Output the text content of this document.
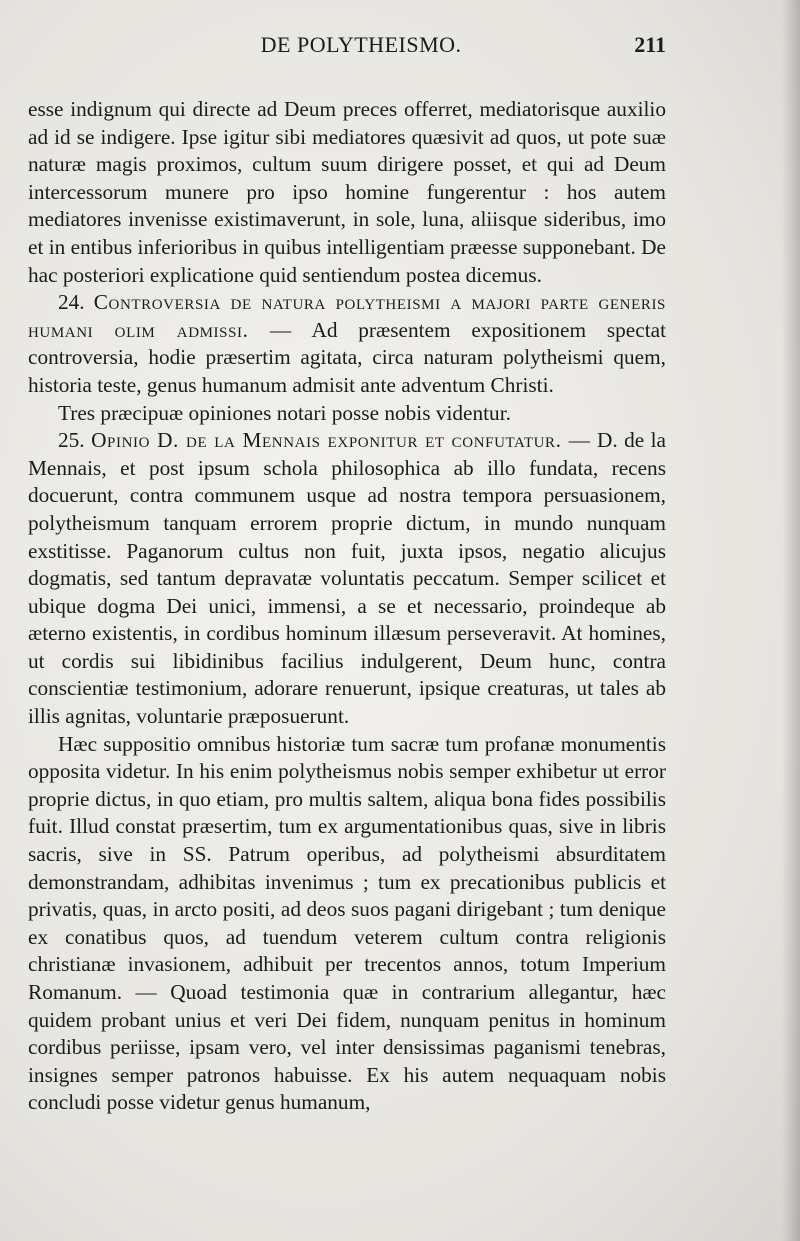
DE POLYTHEISMO.	211

esse indignum qui directe ad Deum preces offerret, mediatorisque auxilio ad id se indigere. Ipse igitur sibi mediatores quæsivit ad quos, ut pote suæ naturæ magis proximos, cultum suum dirigere posset, et qui ad Deum intercessorum munere pro ipso homine fungerentur : hos autem mediatores invenisse existimaverunt, in sole, luna, aliisque sideribus, imo et in entibus inferioribus in quibus intelligentiam præesse supponebant. De hac posteriori explicatione quid sentiendum postea dicemus.

24. Controversia de natura polytheismi a majori parte generis humani olim admissi. — Ad præsentem expositionem spectat controversia, hodie præsertim agitata, circa naturam polytheismi quem, historia teste, genus humanum admisit ante adventum Christi.

Tres præcipuæ opiniones notari posse nobis videntur.

25. Opinio D. de la Mennais exponitur et confutatur. — D. de la Mennais, et post ipsum schola philosophica ab illo fundata, recens docuerunt, contra communem usque ad nostra tempora persuasionem, polytheismum tanquam errorem proprie dictum, in mundo nunquam exstitisse. Paganorum cultus non fuit, juxta ipsos, negatio alicujus dogmatis, sed tantum depravatæ voluntatis peccatum. Semper scilicet et ubique dogma Dei unici, immensi, a se et necessario, proindeque ab æterno existentis, in cordibus hominum illæsum perseveravit. At homines, ut cordis sui libidinibus facilius indulgerent, Deum hunc, contra conscientiæ testimonium, adorare renuerunt, ipsique creaturas, ut tales ab illis agnitas, voluntarie præposuerunt.

Hæc suppositio omnibus historiæ tum sacræ tum profanæ monumentis opposita videtur. In his enim polytheismus nobis semper exhibetur ut error proprie dictus, in quo etiam, pro multis saltem, aliqua bona fides possibilis fuit. Illud constat præsertim, tum ex argumentationibus quas, sive in libris sacris, sive in SS. Patrum operibus, ad polytheismi absurditatem demonstrandam, adhibitas invenimus ; tum ex precationibus publicis et privatis, quas, in arcto positi, ad deos suos pagani dirigebant ; tum denique ex conatibus quos, ad tuendum veterem cultum contra religionis christianæ invasionem, adhibuit per trecentos annos, totum Imperium Romanum. — Quoad testimonia quæ in contrarium allegantur, hæc quidem probant unius et veri Dei fidem, nunquam penitus in hominum cordibus periisse, ipsam vero, vel inter densissimas paganismi tenebras, insignes semper patronos habuisse. Ex his autem nequaquam nobis concludi posse videtur genus humanum,
